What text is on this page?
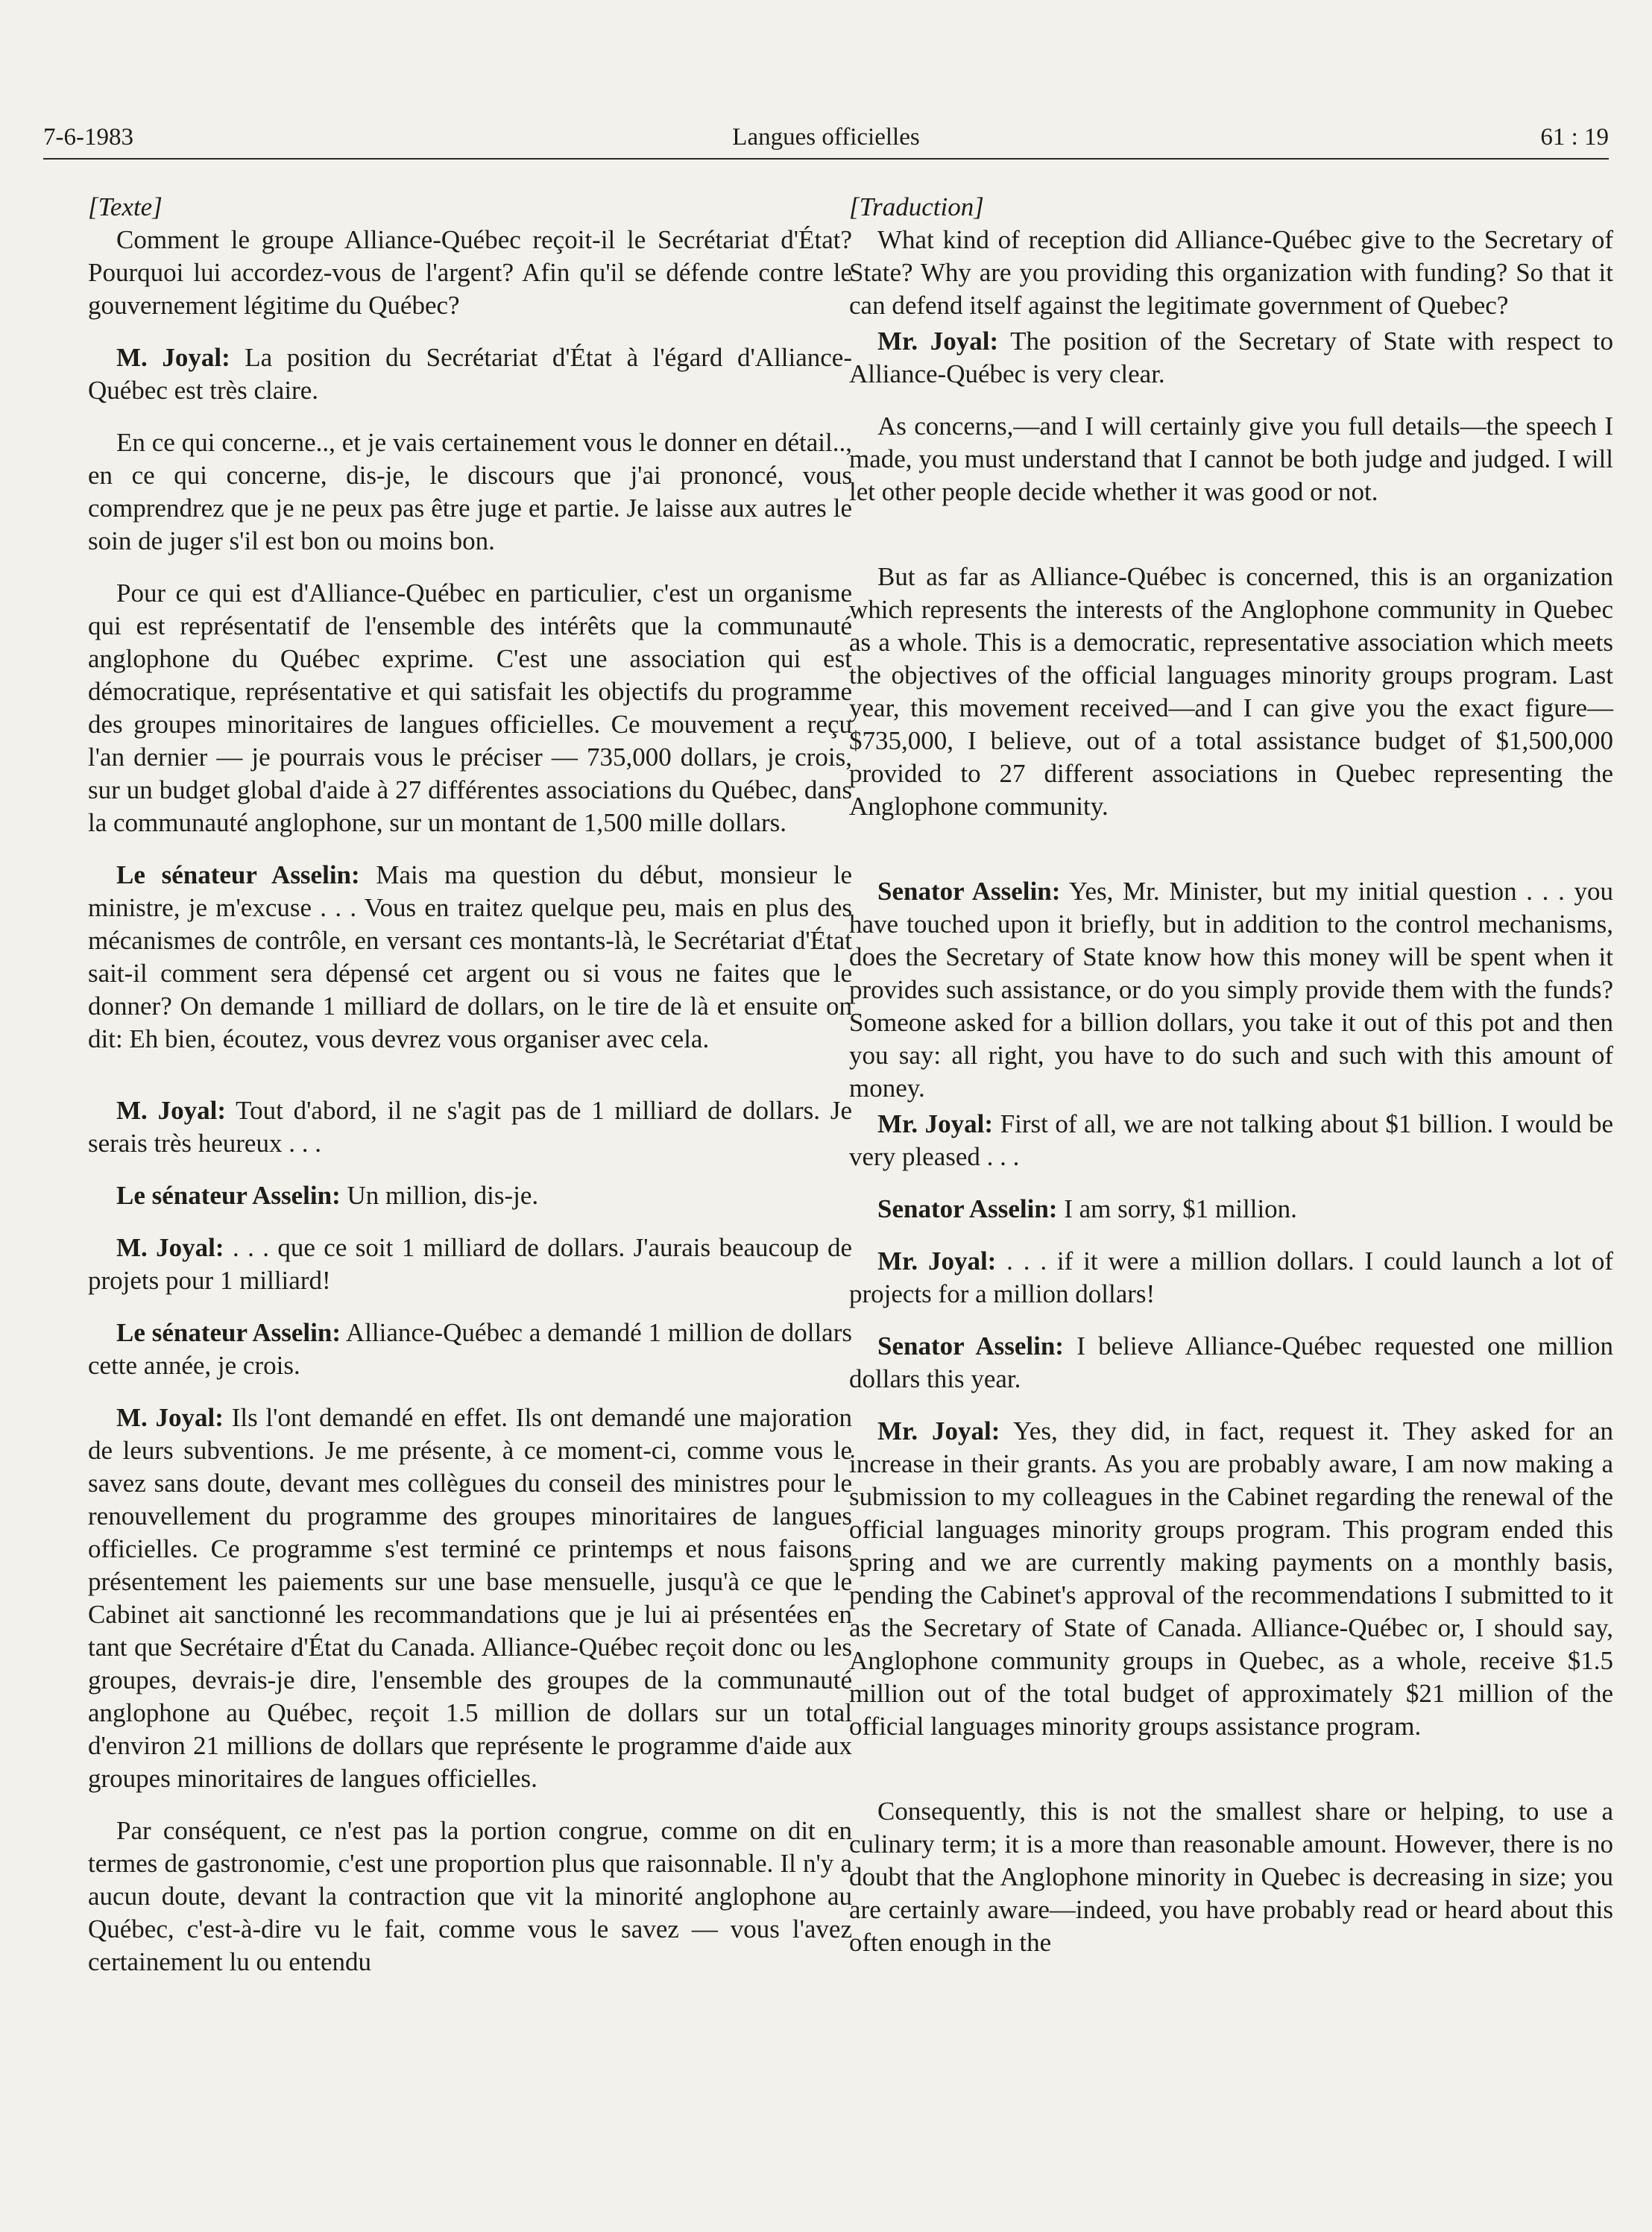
7-6-1983	Langues officielles	61 : 19

[Texte]

Comment le groupe Alliance-Québec reçoit-il le Secrétariat d'État? Pourquoi lui accordez-vous de l'argent? Afin qu'il se défende contre le gouvernement légitime du Québec?

M. Joyal: La position du Secrétariat d'État à l'égard d'Alliance-Québec est très claire.

En ce qui concerne.., et je vais certainement vous le donner en détail.., en ce qui concerne, dis-je, le discours que j'ai prononcé, vous comprendrez que je ne peux pas être juge et partie. Je laisse aux autres le soin de juger s'il est bon ou moins bon.

Pour ce qui est d'Alliance-Québec en particulier, c'est un organisme qui est représentatif de l'ensemble des intérêts que la communauté anglophone du Québec exprime. C'est une association qui est démocratique, représentative et qui satisfait les objectifs du programme des groupes minoritaires de langues officielles. Ce mouvement a reçu l'an dernier — je pourrais vous le préciser — 735,000 dollars, je crois, sur un budget global d'aide à 27 différentes associations du Québec, dans la communauté anglophone, sur un montant de 1,500 mille dollars.

Le sénateur Asselin: Mais ma question du début, monsieur le ministre, je m'excuse . . . Vous en traitez quelque peu, mais en plus des mécanismes de contrôle, en versant ces montants-là, le Secrétariat d'État sait-il comment sera dépensé cet argent ou si vous ne faites que le donner? On demande 1 milliard de dollars, on le tire de là et ensuite on dit: Eh bien, écoutez, vous devrez vous organiser avec cela.

M. Joyal: Tout d'abord, il ne s'agit pas de 1 milliard de dollars. Je serais très heureux . . .

Le sénateur Asselin: Un million, dis-je.

M. Joyal: . . . que ce soit 1 milliard de dollars. J'aurais beaucoup de projets pour 1 milliard!

Le sénateur Asselin: Alliance-Québec a demandé 1 million de dollars cette année, je crois.

M. Joyal: Ils l'ont demandé en effet. Ils ont demandé une majoration de leurs subventions. Je me présente, à ce moment-ci, comme vous le savez sans doute, devant mes collègues du conseil des ministres pour le renouvellement du programme des groupes minoritaires de langues officielles. Ce programme s'est terminé ce printemps et nous faisons présentement les paiements sur une base mensuelle, jusqu'à ce que le Cabinet ait sanctionné les recommandations que je lui ai présentées en tant que Secrétaire d'État du Canada. Alliance-Québec reçoit donc ou les groupes, devrais-je dire, l'ensemble des groupes de la communauté anglophone au Québec, reçoit 1.5 million de dollars sur un total d'environ 21 millions de dollars que représente le programme d'aide aux groupes minoritaires de langues officielles.

Par conséquent, ce n'est pas la portion congrue, comme on dit en termes de gastronomie, c'est une proportion plus que raisonnable. Il n'y a aucun doute, devant la contraction que vit la minorité anglophone au Québec, c'est-à-dire vu le fait, comme vous le savez — vous l'avez certainement lu ou entendu

[Traduction]

What kind of reception did Alliance-Québec give to the Secretary of State? Why are you providing this organization with funding? So that it can defend itself against the legitimate government of Quebec?

Mr. Joyal: The position of the Secretary of State with respect to Alliance-Québec is very clear.

As concerns,—and I will certainly give you full details—the speech I made, you must understand that I cannot be both judge and judged. I will let other people decide whether it was good or not.

But as far as Alliance-Québec is concerned, this is an organization which represents the interests of the Anglophone community in Quebec as a whole. This is a democratic, representative association which meets the objectives of the official languages minority groups program. Last year, this movement received—and I can give you the exact figure—$735,000, I believe, out of a total assistance budget of $1,500,000 provided to 27 different associations in Quebec representing the Anglophone community.

Senator Asselin: Yes, Mr. Minister, but my initial question . . . you have touched upon it briefly, but in addition to the control mechanisms, does the Secretary of State know how this money will be spent when it provides such assistance, or do you simply provide them with the funds? Someone asked for a billion dollars, you take it out of this pot and then you say: all right, you have to do such and such with this amount of money.

Mr. Joyal: First of all, we are not talking about $1 billion. I would be very pleased . . .

Senator Asselin: I am sorry, $1 million.

Mr. Joyal: . . . if it were a million dollars. I could launch a lot of projects for a million dollars!

Senator Asselin: I believe Alliance-Québec requested one million dollars this year.

Mr. Joyal: Yes, they did, in fact, request it. They asked for an increase in their grants. As you are probably aware, I am now making a submission to my colleagues in the Cabinet regarding the renewal of the official languages minority groups program. This program ended this spring and we are currently making payments on a monthly basis, pending the Cabinet's approval of the recommendations I submitted to it as the Secretary of State of Canada. Alliance-Québec or, I should say, Anglophone community groups in Quebec, as a whole, receive $1.5 million out of the total budget of approximately $21 million of the official languages minority groups assistance program.

Consequently, this is not the smallest share or helping, to use a culinary term; it is a more than reasonable amount. However, there is no doubt that the Anglophone minority in Quebec is decreasing in size; you are certainly aware—indeed, you have probably read or heard about this often enough in the
